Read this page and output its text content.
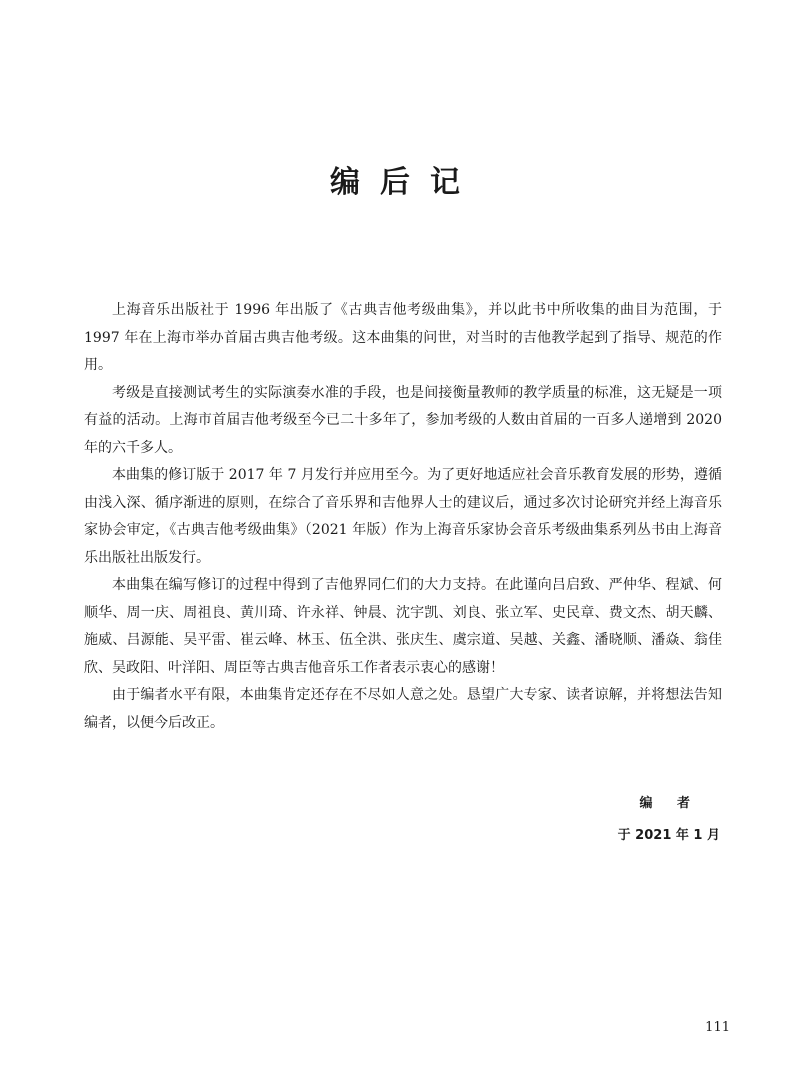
编后记

上海音乐出版社于 1996 年出版了《古典吉他考级曲集》，并以此书中所收集的曲目为范围，于 1997 年在上海市举办首届古典吉他考级。这本曲集的问世，对当时的吉他教学起到了指导、规范的作用。

考级是直接测试考生的实际演奏水准的手段，也是间接衡量教师的教学质量的标准，这无疑是一项有益的活动。上海市首届吉他考级至今已二十多年了，参加考级的人数由首届的一百多人递增到 2020 年的六千多人。

本曲集的修订版于 2017 年 7 月发行并应用至今。为了更好地适应社会音乐教育发展的形势，遵循由浅入深、循序渐进的原则，在综合了音乐界和吉他界人士的建议后，通过多次讨论研究并经上海音乐家协会审定，《古典吉他考级曲集》（2021 年版）作为上海音乐家协会音乐考级曲集系列丛书由上海音乐出版社出版发行。

本曲集在编写修订的过程中得到了吉他界同仁们的大力支持。在此谨向吕启致、严仲华、程斌、何顺华、周一庆、周祖良、黄川琦、许永祥、钟晨、沈宇凯、刘良、张立军、史民章、费文杰、胡天麟、施威、吕源能、吴平雷、崔云峰、林玉、伍全洪、张庆生、虞宗道、吴越、关鑫、潘晓顺、潘焱、翁佳欣、吴政阳、叶洋阳、周臣等古典吉他音乐工作者表示衷心的感谢！

由于编者水平有限，本曲集肯定还存在不尽如人意之处。恳望广大专家、读者谅解，并将想法告知编者，以便今后改正。

编 者
于 2021 年 1 月
111
